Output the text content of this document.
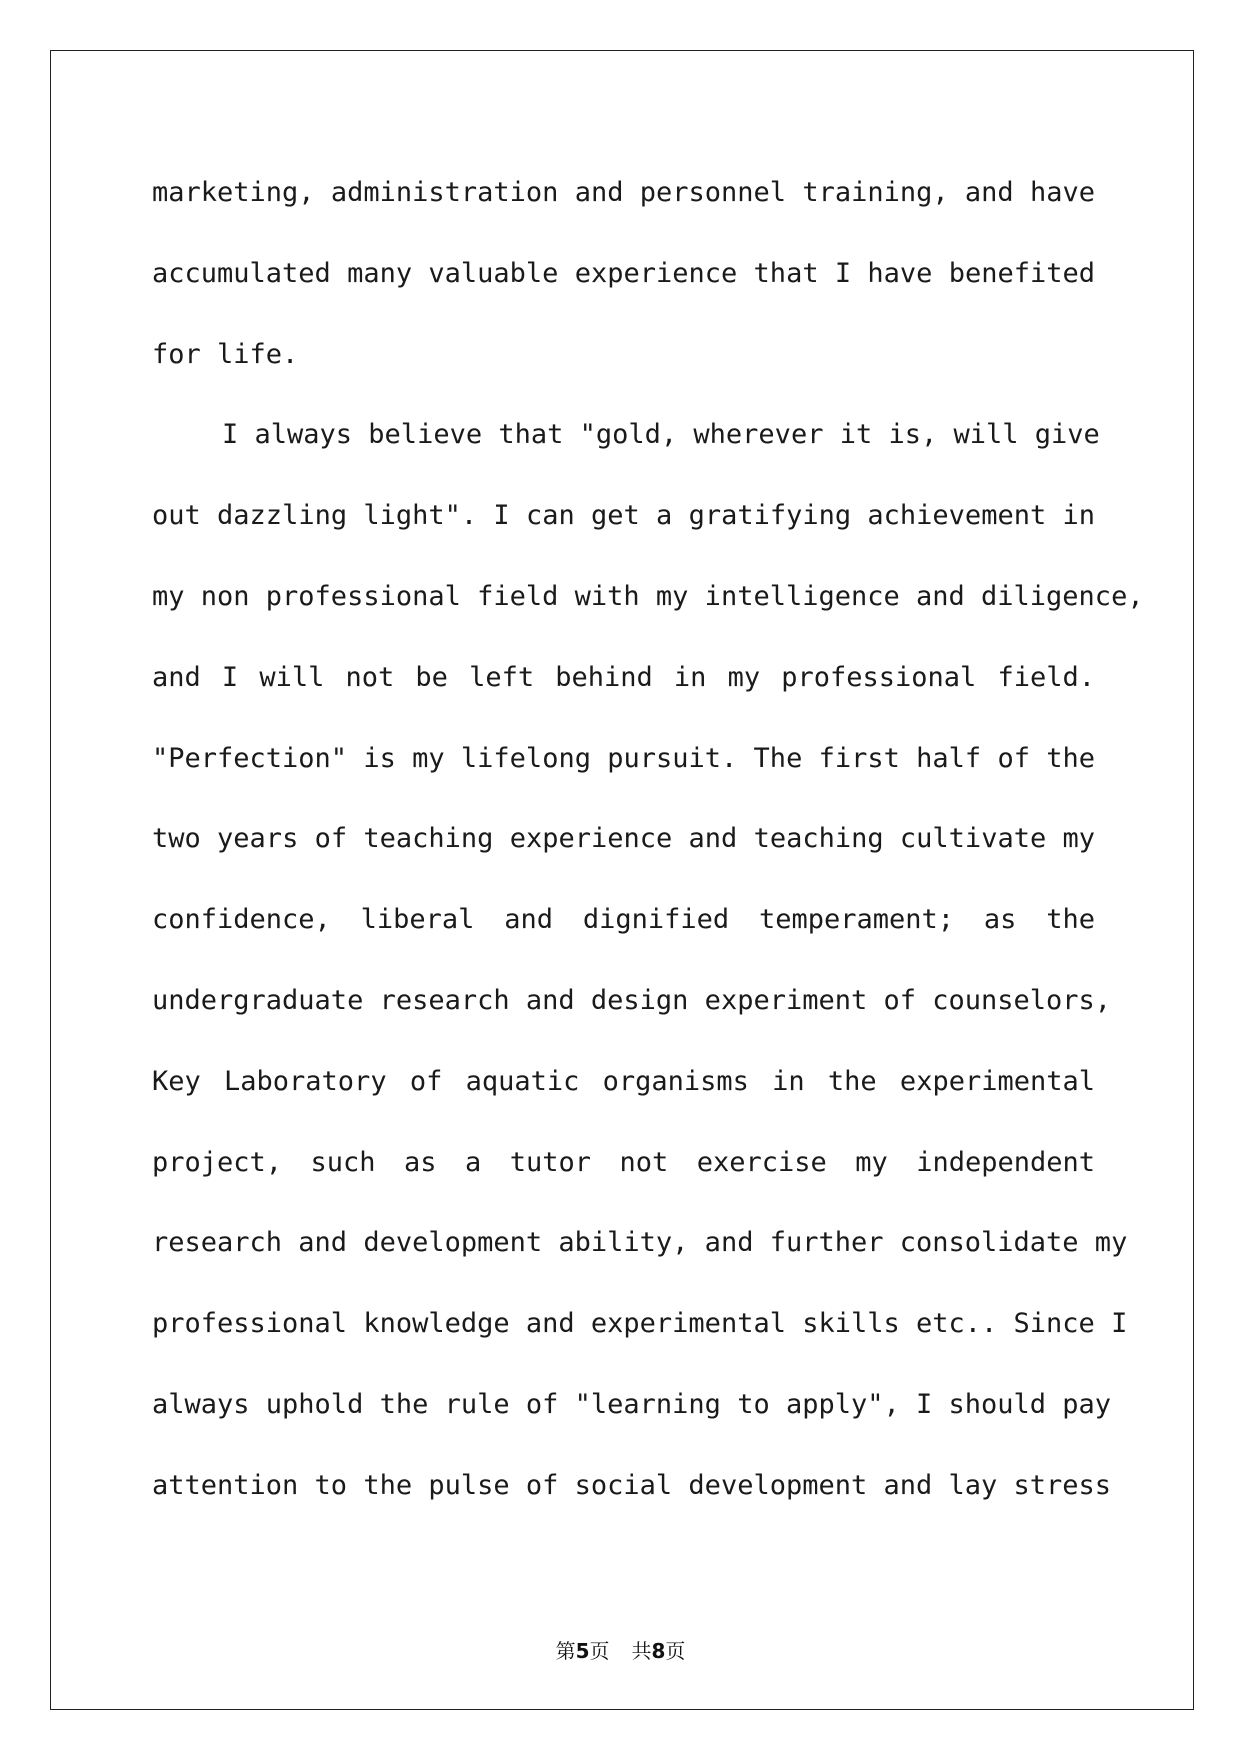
marketing, administration and personnel training, and have
accumulated many valuable experience that I have benefited
for life.
I always believe that "gold, wherever it is, will give
out dazzling light". I can get a gratifying achievement in
my non professional field with my intelligence and diligence,
and I will not be left behind in my professional field.
"Perfection" is my lifelong pursuit. The first half of the
two years of teaching experience and teaching cultivate my
confidence, liberal and dignified temperament; as the
undergraduate research and design experiment of counselors,
Key Laboratory of aquatic organisms in the experimental
project, such as a tutor not exercise my independent
research and development ability, and further consolidate my
professional knowledge and experimental skills etc.. Since I
always uphold the rule of "learning to apply", I should pay
attention to the pulse of social development and lay stress
第5页 共8页
